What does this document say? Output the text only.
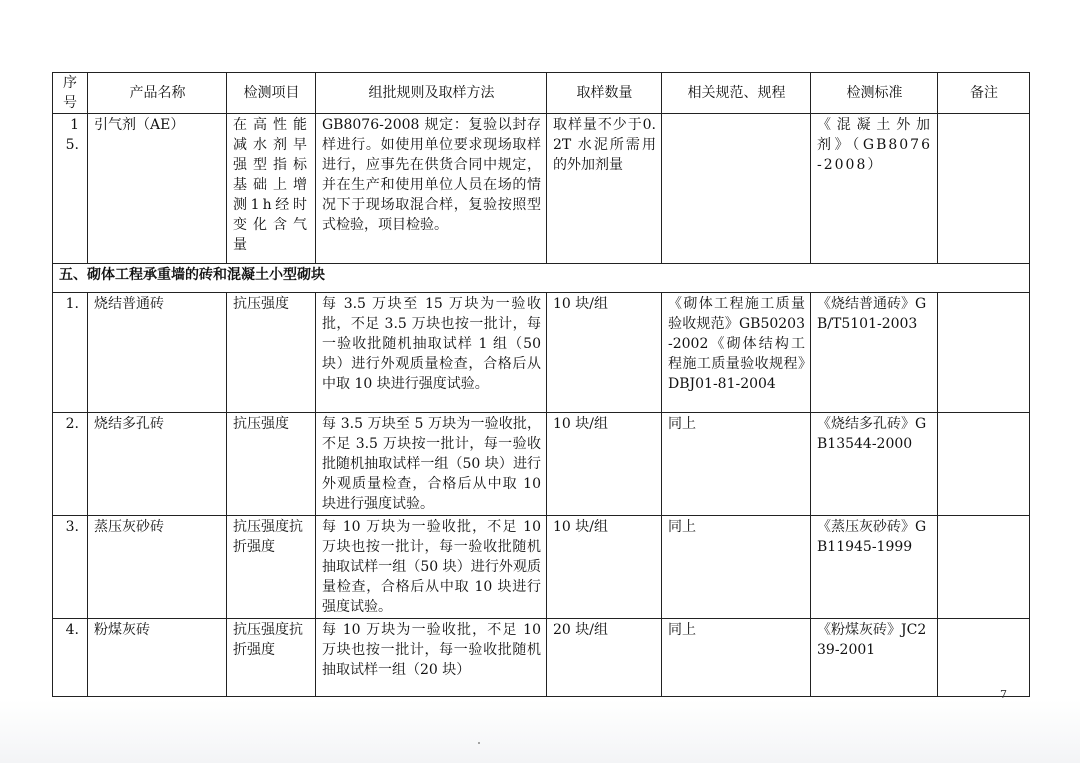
序
号	产品名称	检测项目	组批规则及取样方法	取样数量	相关规范、规程	检测标准	备注
15.	引气剂（AE）	在高性能减水剂早强型指标基础上增测1h经时变化含气量	GB8076-2008 规定：复验以封存样进行。如使用单位要求现场取样进行，应事先在供货合同中规定，并在生产和使用单位人员在场的情况下于现场取混合样，复验按照型式检验，项目检验。	取样量不少于0.2T 水泥所需用的外加剂量		《混凝土外加剂》（GB8076-2008）	
五、砌体工程承重墙的砖和混凝土小型砌块							
1.	烧结普通砖	抗压强度	每 3.5 万块至 15 万块为一验收批，不足 3.5 万块也按一批计，每一验收批随机抽取试样 1 组（50 块）进行外观质量检查，合格后从中取 10 块进行强度试验。	10 块/组	《砌体工程施工质量验收规范》GB50203-2002《砌体结构工程施工质量验收规程》DBJ01-81-2004	《烧结普通砖》GB/T5101-2003	
2.	烧结多孔砖	抗压强度	每 3.5 万块至 5 万块为一验收批，不足 3.5 万块按一批计，每一验收批随机抽取试样一组（50 块）进行外观质量检查，合格后从中取 10 块进行强度试验。	10 块/组	同上	《烧结多孔砖》GB13544-2000	
3.	蒸压灰砂砖	抗压强度抗折强度	每 10 万块为一验收批，不足 10 万块也按一批计，每一验收批随机抽取试样一组（50 块）进行外观质量检查，合格后从中取 10 块进行强度试验。	10 块/组	同上	《蒸压灰砂砖》GB11945-1999	
4.	粉煤灰砖	抗压强度抗折强度	每 10 万块为一验收批，不足 10 万块也按一批计，每一验收批随机抽取试样一组（20 块）	20 块/组	同上	《粉煤灰砖》JC239-2001	
7
